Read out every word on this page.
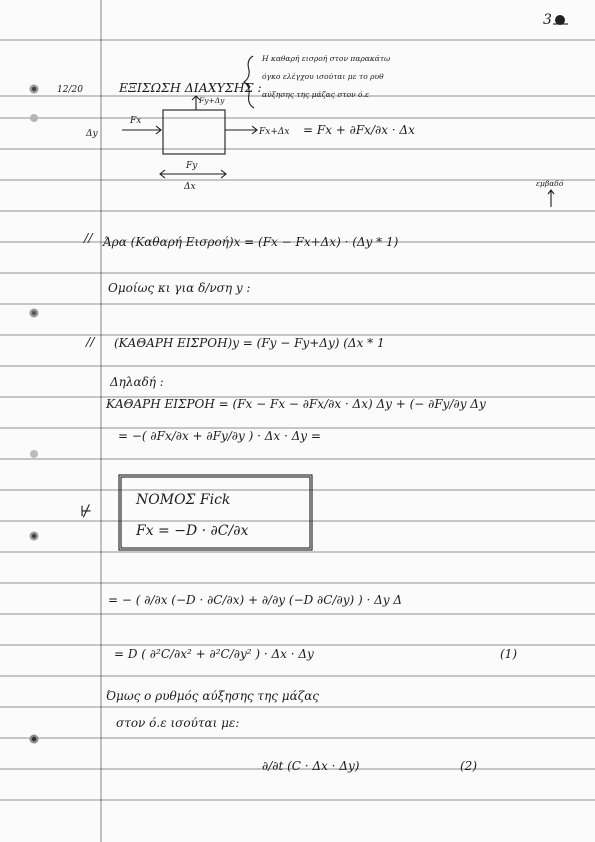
3
12/20	ΕΞΙΣΩΣΗ ΔΙΑΧΥΣΗΣ :
Η καθαρή εισροή στον παρακάτω
όγκο ελέγχου ισούται με το ρυθ
αύξησης της μάζας στον ό.ε
Fx
Fy+Δy
Fx+Δx
Fy
Δy
Δx
= Fx + ∂Fx/∂x · Δx
εμβαδό
//
//
Άρα (Καθαρή Εισροή)x = (Fx − Fx+Δx) · (Δy * 1)
Ομοίως κι για δ/νση y :
(ΚΑΘΑΡΗ ΕΙΣΡΟΗ)y = (Fy − Fy+Δy) (Δx * 1
Δηλαδή :
ΚΑΘΑΡΗ ΕΙΣΡΟΗ = (Fx − Fx − ∂Fx/∂x · Δx) Δy + (− ∂Fy/∂y Δy
= −( ∂Fx/∂x + ∂Fy/∂y ) · Δx · Δy =
ΝΟΜΟΣ Fick
Fx = −D · ∂C/∂x
⊬
= − ( ∂/∂x (−D · ∂C/∂x) + ∂/∂y (−D ∂C/∂y) ) · Δy Δ
= D ( ∂²C/∂x² + ∂²C/∂y² ) · Δx · Δy	(1)
Όμως ο ρυθμός αύξησης της μάζας
στον ό.ε ισούται με:
∂/∂t (C · Δx · Δy)	(2)
